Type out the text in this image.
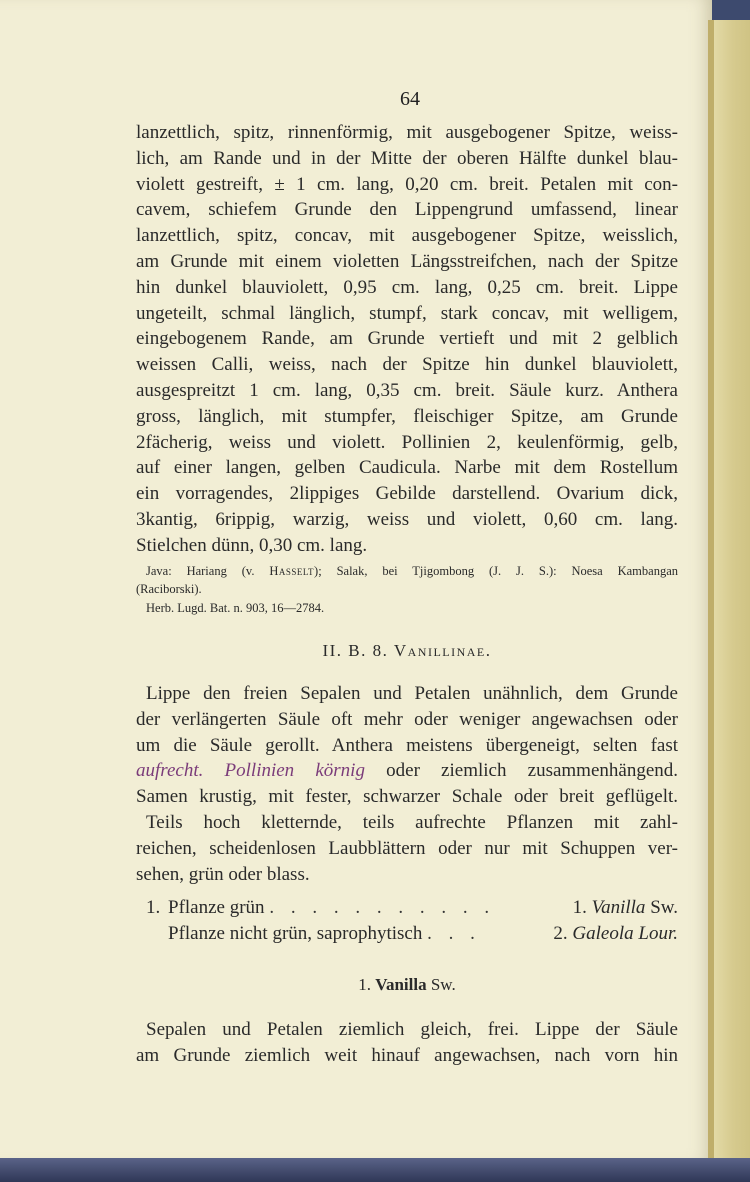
64
lanzettlich, spitz, rinnenförmig, mit ausgebogener Spitze, weiss-
lich, am Rande und in der Mitte der oberen Hälfte dunkel blau-
violett gestreift, ± 1 cm. lang, 0,20 cm. breit. Petalen mit con-
cavem, schiefem Grunde den Lippengrund umfassend, linear
lanzettlich, spitz, concav, mit ausgebogener Spitze, weisslich,
am Grunde mit einem violetten Längsstreifchen, nach der Spitze
hin dunkel blauviolett, 0,95 cm. lang, 0,25 cm. breit. Lippe
ungeteilt, schmal länglich, stumpf, stark concav, mit welligem,
eingebogenem Rande, am Grunde vertieft und mit 2 gelblich
weissen Calli, weiss, nach der Spitze hin dunkel blauviolett,
ausgespreitzt 1 cm. lang, 0,35 cm. breit. Säule kurz. Anthera
gross, länglich, mit stumpfer, fleischiger Spitze, am Grunde
2fächerig, weiss und violett. Pollinien 2, keulenförmig, gelb,
auf einer langen, gelben Caudicula. Narbe mit dem Rostellum
ein vorragendes, 2lippiges Gebilde darstellend. Ovarium dick,
3kantig, 6rippig, warzig, weiss und violett, 0,60 cm. lang.
Stielchen dünn, 0,30 cm. lang.
Java: Hariang (v. Hasselt); Salak, bei Tjigombong (J. J. S.): Noesa Kambangan
(Raciborski).
Herb. Lugd. Bat. n. 903, 16—2784.
II. B. 8. Vanillinae.
Lippe den freien Sepalen und Petalen unähnlich, dem Grunde
der verlängerten Säule oft mehr oder weniger angewachsen oder
um die Säule gerollt. Anthera meistens übergeneigt, selten fast
aufrecht. Pollinien körnig oder ziemlich zusammenhängend.
Samen krustig, mit fester, schwarzer Schale oder breit geflügelt.
Teils hoch kletternde, teils aufrechte Pflanzen mit zahl-
reichen, scheidenlosen Laubblättern oder nur mit Schuppen ver-
sehen, grün oder blass.
1. Pflanze grün . . . . . . . . . . .	1. Vanilla Sw.
Pflanze nicht grün, saprophytisch . . .	2. Galeola Lour.
1. Vanilla Sw.
Sepalen und Petalen ziemlich gleich, frei. Lippe der Säule
am Grunde ziemlich weit hinauf angewachsen, nach vorn hin
